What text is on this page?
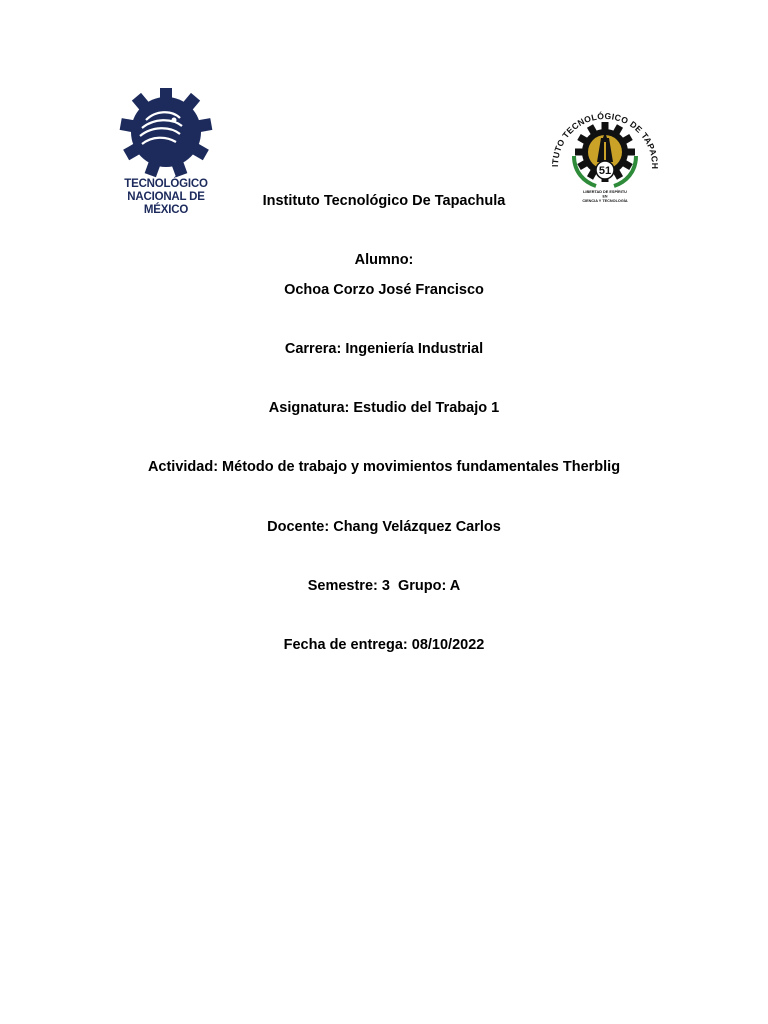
TECNOLÓGICO
NACIONAL DE MÉXICO
ITUTO TECNOLÓGICO DE TAPACH
51
LIBERTAD DE ESPÍRITU
EN
CIENCIA Y TECNOLOGÍA
Instituto Tecnológico De Tapachula
Alumno:
Ochoa Corzo José Francisco
Carrera: Ingeniería Industrial
Asignatura: Estudio del Trabajo 1
Actividad: Método de trabajo y movimientos fundamentales Therblig
Docente: Chang Velázquez Carlos
Semestre: 3  Grupo: A
Fecha de entrega: 08/10/2022
